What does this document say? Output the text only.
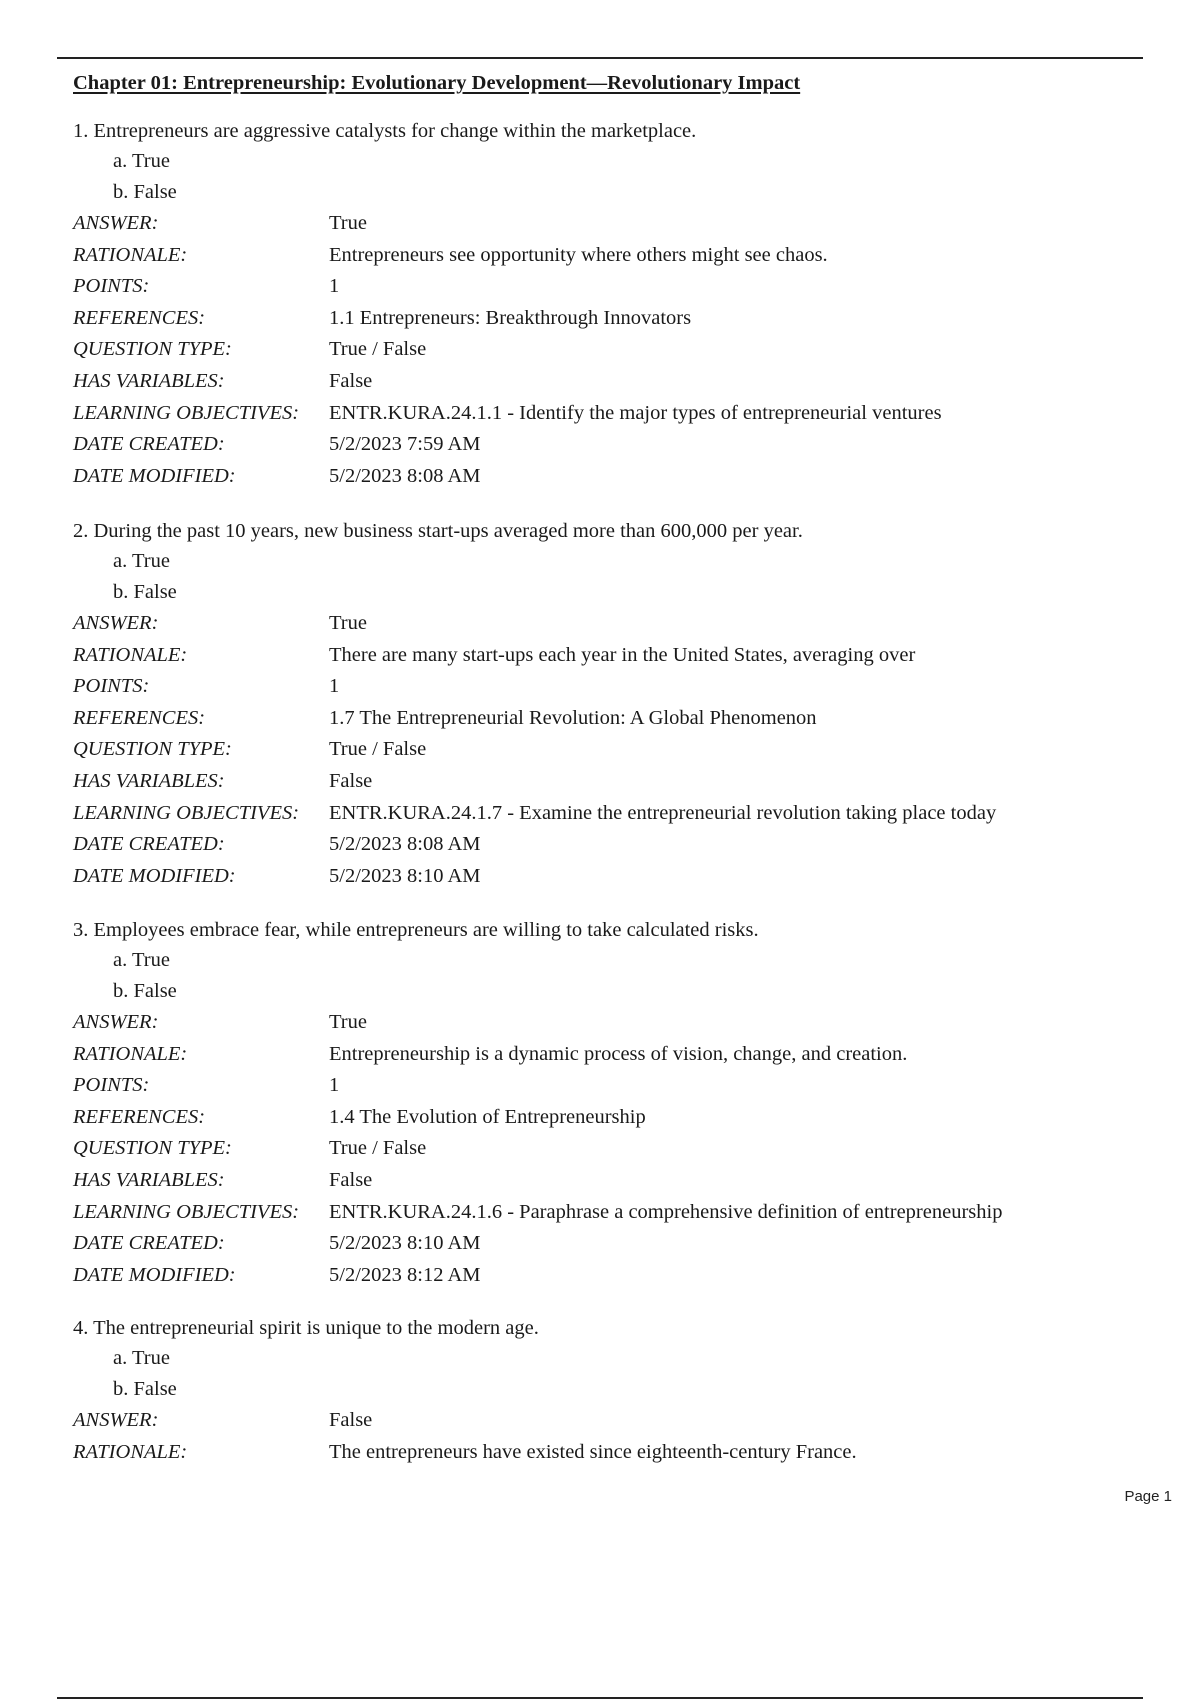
Chapter 01: Entrepreneurship: Evolutionary Development—Revolutionary Impact
1. Entrepreneurs are aggressive catalysts for change within the marketplace.
a. True
b. False
ANSWER:	True
RATIONALE:	Entrepreneurs see opportunity where others might see chaos.
POINTS:	1
REFERENCES:	1.1 Entrepreneurs: Breakthrough Innovators
QUESTION TYPE:	True / False
HAS VARIABLES:	False
LEARNING OBJECTIVES:	ENTR.KURA.24.1.1 - Identify the major types of entrepreneurial ventures
DATE CREATED:	5/2/2023 7:59 AM
DATE MODIFIED:	5/2/2023 8:08 AM
2. During the past 10 years, new business start-ups averaged more than 600,000 per year.
a. True
b. False
ANSWER:	True
RATIONALE:	There are many start-ups each year in the United States, averaging over
POINTS:	1
REFERENCES:	1.7 The Entrepreneurial Revolution: A Global Phenomenon
QUESTION TYPE:	True / False
HAS VARIABLES:	False
LEARNING OBJECTIVES:	ENTR.KURA.24.1.7 - Examine the entrepreneurial revolution taking place today
DATE CREATED:	5/2/2023 8:08 AM
DATE MODIFIED:	5/2/2023 8:10 AM
3. Employees embrace fear, while entrepreneurs are willing to take calculated risks.
a. True
b. False
ANSWER:	True
RATIONALE:	Entrepreneurship is a dynamic process of vision, change, and creation.
POINTS:	1
REFERENCES:	1.4 The Evolution of Entrepreneurship
QUESTION TYPE:	True / False
HAS VARIABLES:	False
LEARNING OBJECTIVES:	ENTR.KURA.24.1.6 - Paraphrase a comprehensive definition of entrepreneurship
DATE CREATED:	5/2/2023 8:10 AM
DATE MODIFIED:	5/2/2023 8:12 AM
4. The entrepreneurial spirit is unique to the modern age.
a. True
b. False
ANSWER:	False
RATIONALE:	The entrepreneurs have existed since eighteenth-century France.
Page 1
